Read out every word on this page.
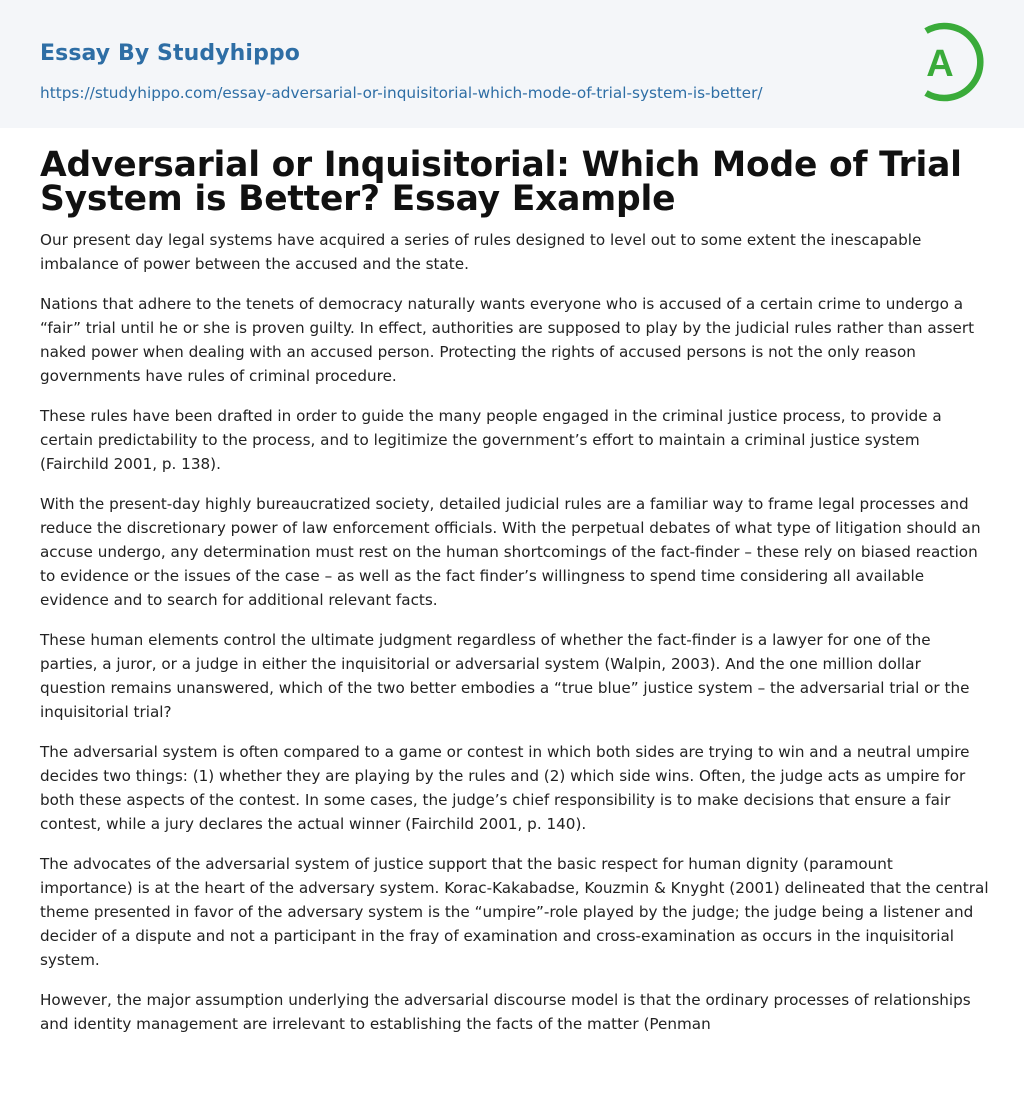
Essay By Studyhippo
https://studyhippo.com/essay-adversarial-or-inquisitorial-which-mode-of-trial-system-is-better/
A
Adversarial or Inquisitorial: Which Mode of Trial System is Better? Essay Example

Our present day legal systems have acquired a series of rules designed to level out to some extent the inescapable imbalance of power between the accused and the state.

Nations that adhere to the tenets of democracy naturally wants everyone who is accused of a certain crime to undergo a “fair” trial until he or she is proven guilty. In effect, authorities are supposed to play by the judicial rules rather than assert naked power when dealing with an accused person. Protecting the rights of accused persons is not the only reason governments have rules of criminal procedure.

These rules have been drafted in order to guide the many people engaged in the criminal justice process, to provide a certain predictability to the process, and to legitimize the government’s effort to maintain a criminal justice system (Fairchild 2001, p. 138).

With the present-day highly bureaucratized society, detailed judicial rules are a familiar way to frame legal processes and reduce the discretionary power of law enforcement officials. With the perpetual debates of what type of litigation should an accuse undergo, any determination must rest on the human shortcomings of the fact-finder – these rely on biased reaction to evidence or the issues of the case – as well as the fact finder’s willingness to spend time considering all available evidence and to search for additional relevant facts.

These human elements control the ultimate judgment regardless of whether the fact-finder is a lawyer for one of the parties, a juror, or a judge in either the inquisitorial or adversarial system (Walpin, 2003). And the one million dollar question remains unanswered, which of the two better embodies a “true blue” justice system – the adversarial trial or the inquisitorial trial?

The adversarial system is often compared to a game or contest in which both sides are trying to win and a neutral umpire decides two things: (1) whether they are playing by the rules and (2) which side wins. Often, the judge acts as umpire for both these aspects of the contest. In some cases, the judge’s chief responsibility is to make decisions that ensure a fair contest, while a jury declares the actual winner (Fairchild 2001, p. 140).

The advocates of the adversarial system of justice support that the basic respect for human dignity (paramount importance) is at the heart of the adversary system. Korac-Kakabadse, Kouzmin & Knyght (2001) delineated that the central theme presented in favor of the adversary system is the “umpire”-role played by the judge; the judge being a listener and decider of a dispute and not a participant in the fray of examination and cross-examination as occurs in the inquisitorial system.

However, the major assumption underlying the adversarial discourse model is that the ordinary processes of relationships and identity management are irrelevant to establishing the facts of the matter (Penman
